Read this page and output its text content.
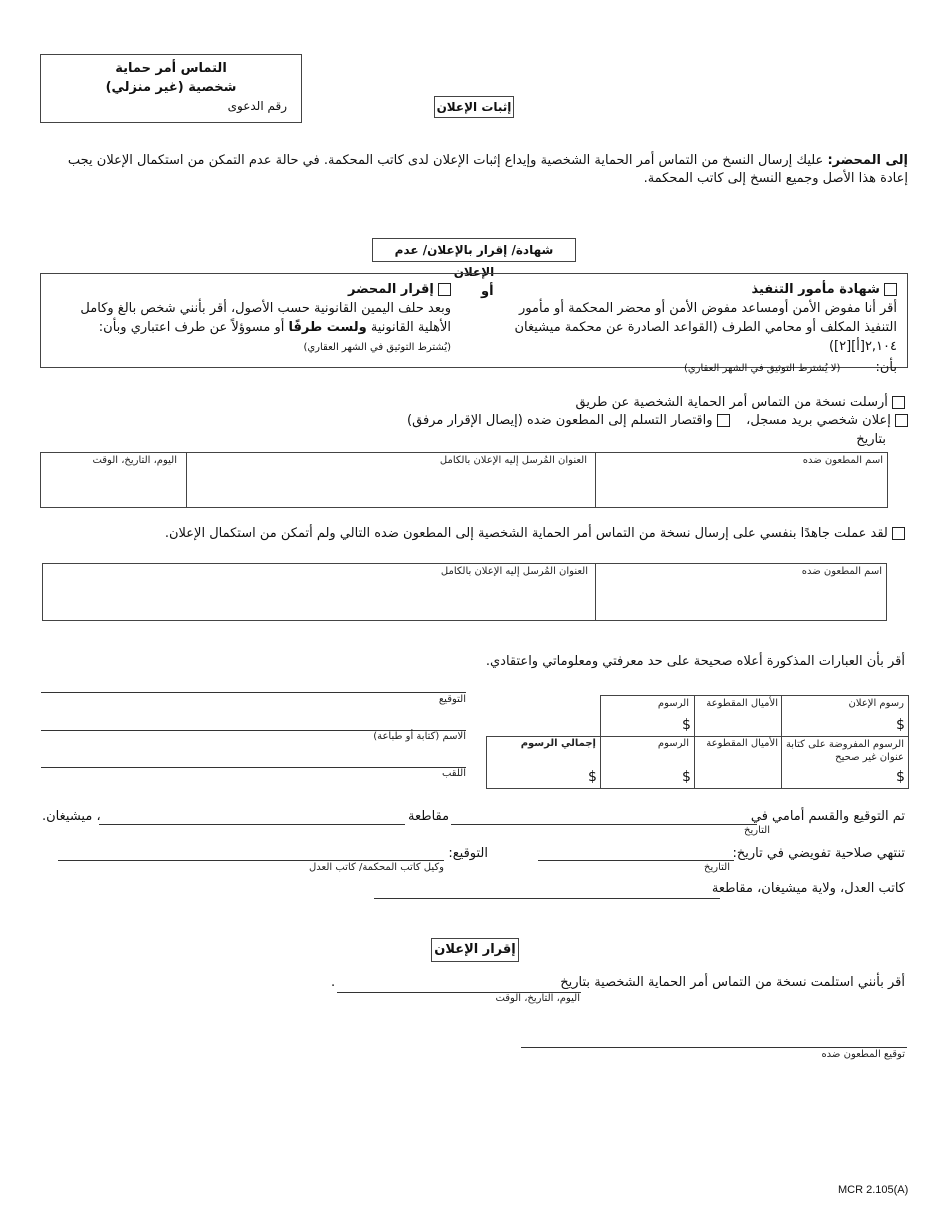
التماس أمر حماية
شخصية (غير منزلي)
رقم الدعوى	إثبات الإعلان
إلى المحضر: عليك إرسال النسخ من التماس أمر الحماية الشخصية وإيداع إثبات الإعلان لدى كاتب المحكمة. في حالة عدم التمكن من استكمال الإعلان يجب إعادة هذا الأصل وجميع النسخ إلى كاتب المحكمة.
شهادة/ إقرار بالإعلان/ عدم الإعلان
شهادة مأمور التنفيذ
أقر أنا مفوض الأمن أومساعد مفوض الأمن أو محضر المحكمة أو مأمور التنفيذ المكلف أو محامي الطرف (القواعد الصادرة عن محكمة ميشيغان ٢,١٠٤[أ][٢])
بأن: (لا يُشترط التوثيق في الشهر العقاري)
أو
إقرار المحضر
وبعد حلف اليمين القانونية حسب الأصول، أقر بأنني شخص بالغ وكامل الأهلية القانونية ولست طرفًا أو مسوؤلاً عن طرف اعتباري وبأن: (يُشترط التوثيق في الشهر العقاري)
أرسلت نسخة من التماس أمر الحماية الشخصية عن طريق
إعلان شخصي بريد مسجل،     واقتصار التسلم إلى المطعون ضده (إيصال الإقرار مرفق)
بتاريخ
اسم المطعون ضده
العنوان المُرسل إليه الإعلان بالكامل
اليوم، التاريخ، الوقت
لقد عملت جاهدًا بنفسي على إرسال نسخة من التماس أمر الحماية الشخصية إلى المطعون ضده التالي ولم أتمكن من استكمال الإعلان.
اسم المطعون ضده
العنوان المُرسل إليه الإعلان بالكامل
أقر بأن العبارات المذكورة أعلاه صحيحة على حد معرفتي ومعلوماتي واعتقادي.
التوقيع
الاسم (كتابة أو طباعة)
اللقب
رسوم الإعلان
الأميال المقطوعة
الرسوم
$
$
الرسوم المفروضة على كتابة عنوان غير صحيح
الأميال المقطوعة
الرسوم
إجمالي الرسوم
$
$
$
تم التوقيع والقسم أمامي في
التاريخ
مقاطعة
، ميشيغان.
تنتهي صلاحية تفويضي في تاريخ:
التاريخ
التوقيع:
وكيل كاتب المحكمة/ كاتب العدل
كاتب العدل، ولاية ميشيغان، مقاطعة
إقرار الإعلان
أقر بأنني استلمت نسخة من التماس أمر الحماية الشخصية بتاريخ
.
اليوم، التاريخ، الوقت
توقيع المطعون ضده
MCR 2.105(A)
